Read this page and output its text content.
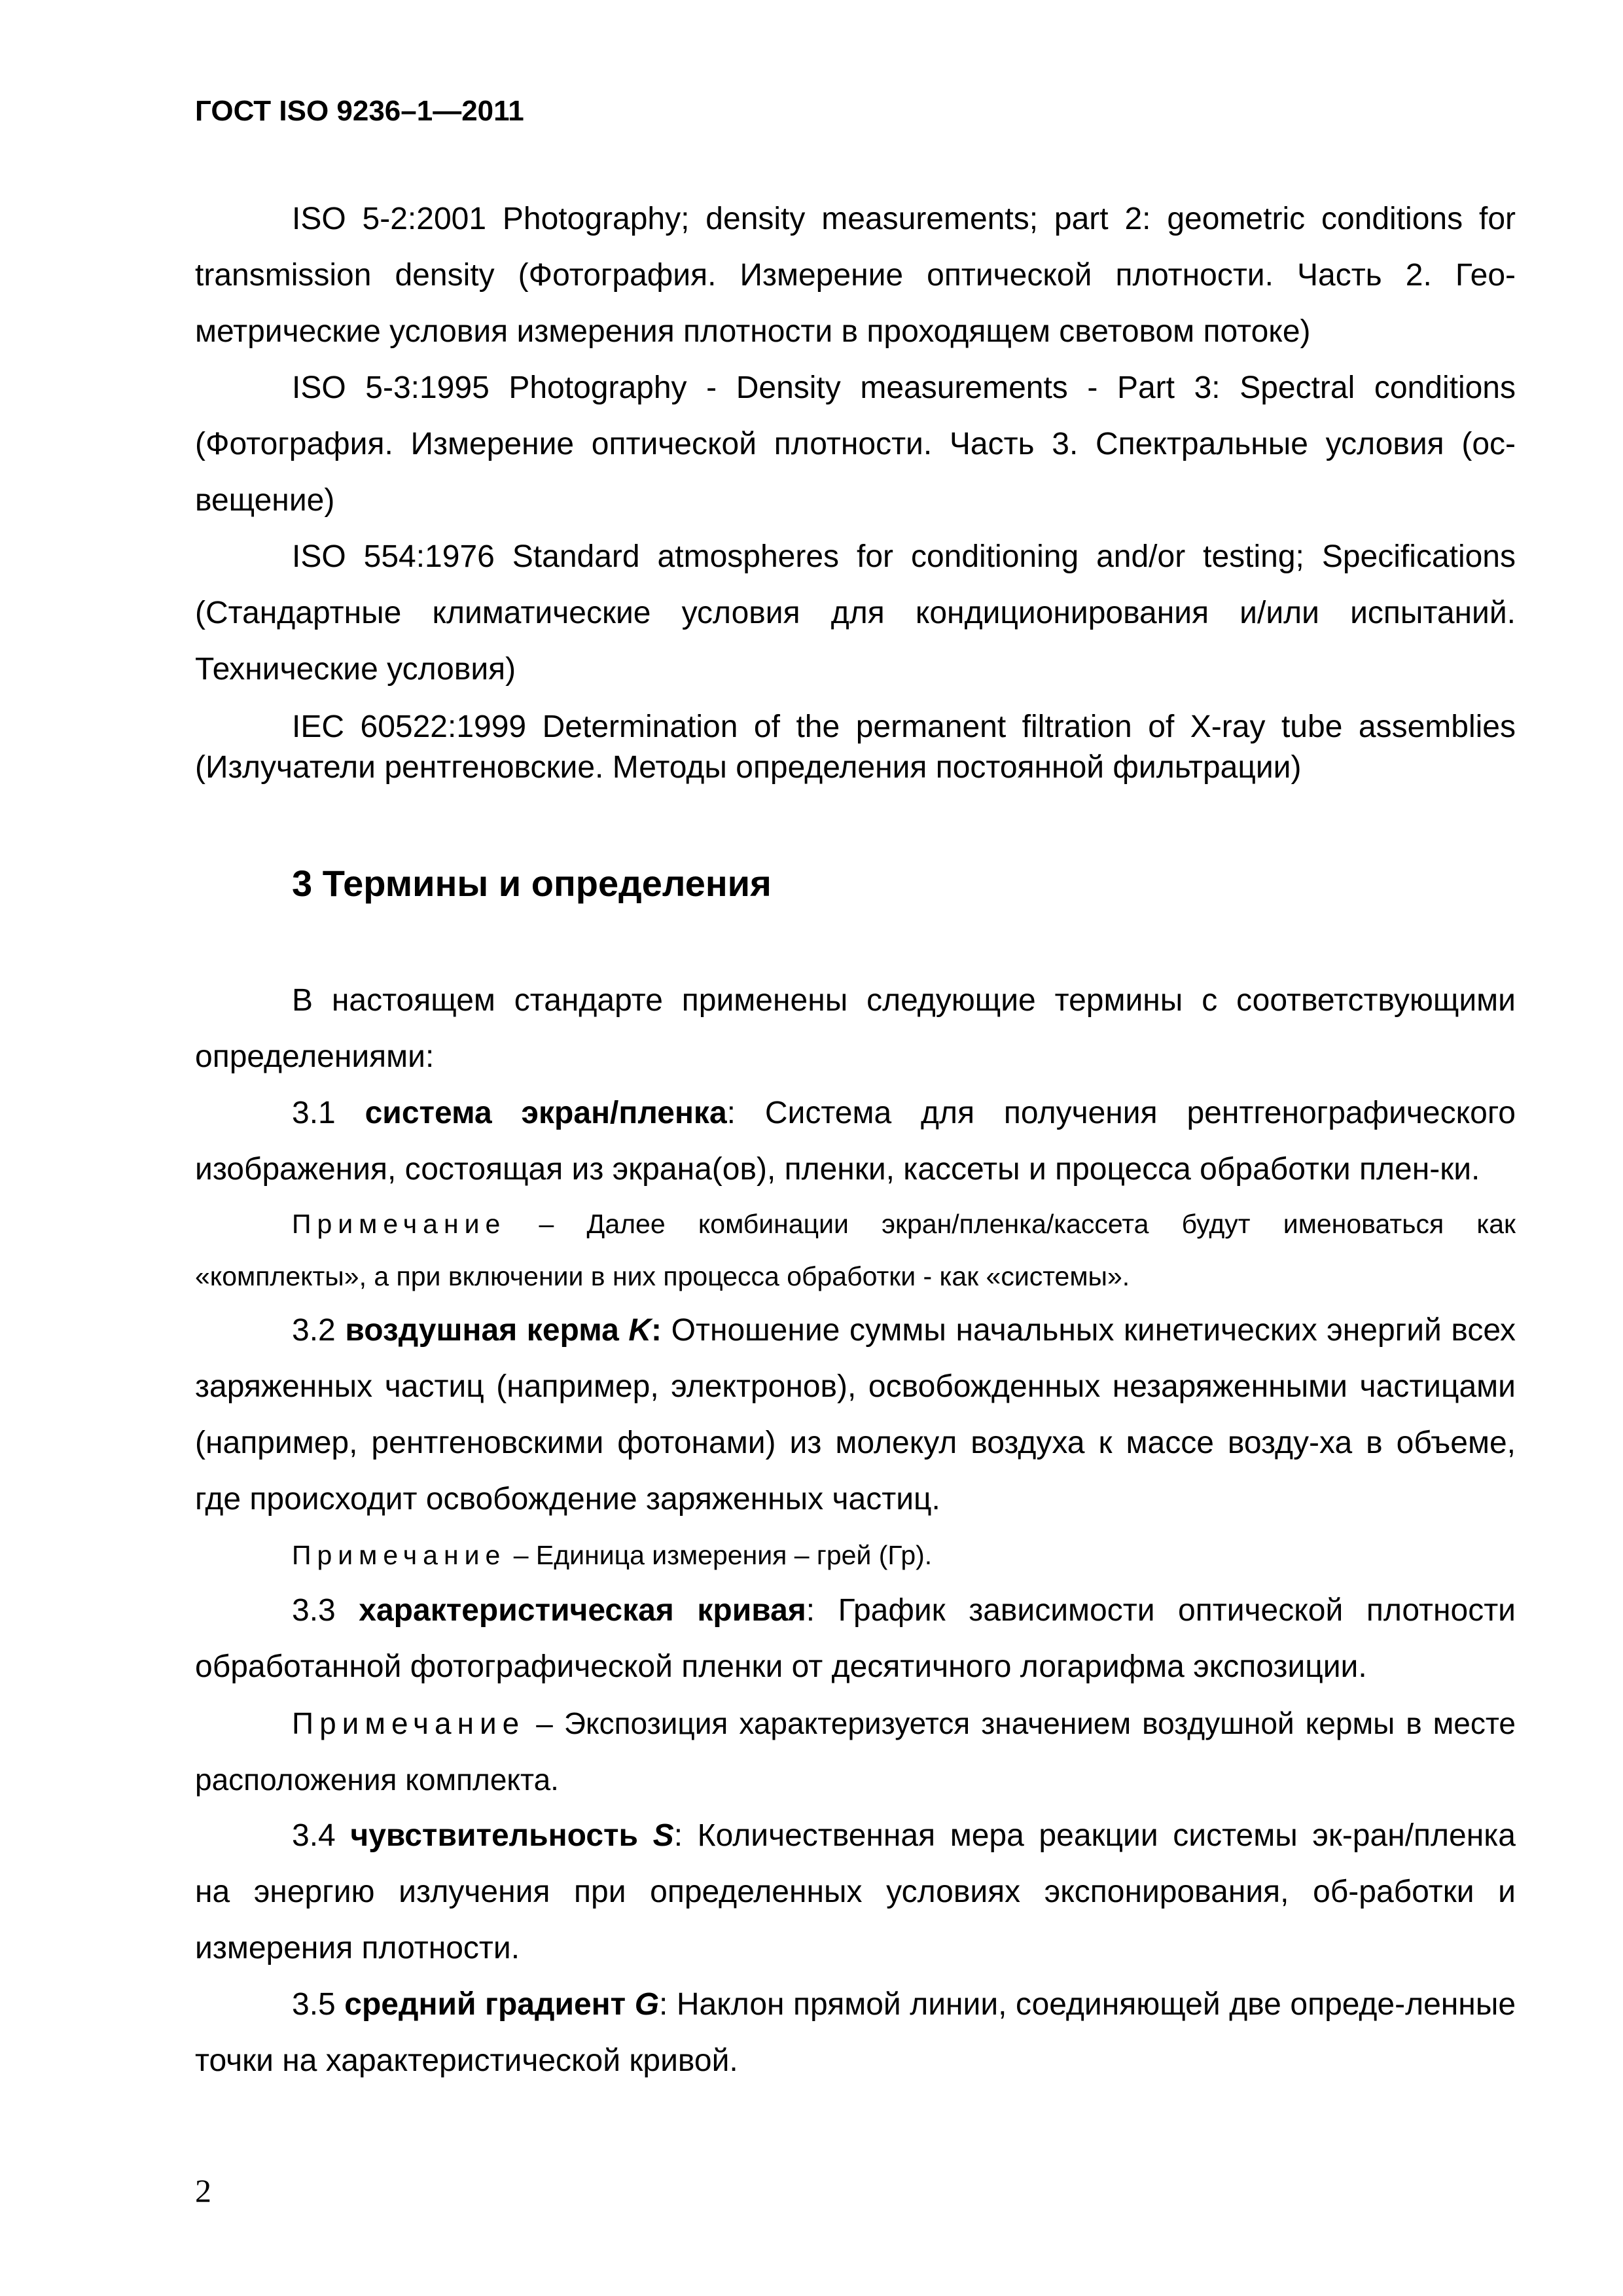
ГОСТ ISO 9236–1—2011

ISO 5-2:2001 Photography; density measurements; part 2: geometric conditions for transmission density (Фотография. Измерение оптической плотности. Часть 2. Гео-метрические условия измерения плотности в проходящем световом потоке)

ISO 5-3:1995 Photography - Density measurements - Part 3: Spectral conditions (Фотография. Измерение оптической плотности. Часть 3. Спектральные условия (ос-вещение)

ISO 554:1976 Standard atmospheres for conditioning and/or testing; Specifications (Стандартные климатические условия для кондиционирования и/или испытаний. Технические условия)

IEC 60522:1999 Determination of the permanent filtration of X-ray tube assemblies (Излучатели рентгеновские. Методы определения постоянной фильтрации)

3 Термины и определения

В настоящем стандарте применены следующие термины с соответствующими определениями:

3.1 система экран/пленка: Система для получения рентгенографического изображения, состоящая из экрана(ов), пленки, кассеты и процесса обработки плен-ки.

Примечание – Далее комбинации экран/пленка/кассета будут именоваться как «комплекты», а при включении в них процесса обработки - как «системы».

3.2 воздушная керма K: Отношение суммы начальных кинетических энергий всех заряженных частиц (например, электронов), освобожденных незаряженными частицами (например, рентгеновскими фотонами) из молекул воздуха к массе возду-ха в объеме, где происходит освобождение заряженных частиц.

Примечание – Единица измерения – грей (Гр).

3.3 характеристическая кривая: График зависимости оптической плотности обработанной фотографической пленки от десятичного логарифма экспозиции.

Примечание – Экспозиция характеризуется значением воздушной кермы в месте расположения комплекта.

3.4 чувствительность S: Количественная мера реакции системы эк-ран/пленка на энергию излучения при определенных условиях экспонирования, об-работки и измерения плотности.

3.5 средний градиент G: Наклон прямой линии, соединяющей две опреде-ленные точки на характеристической кривой.

2
